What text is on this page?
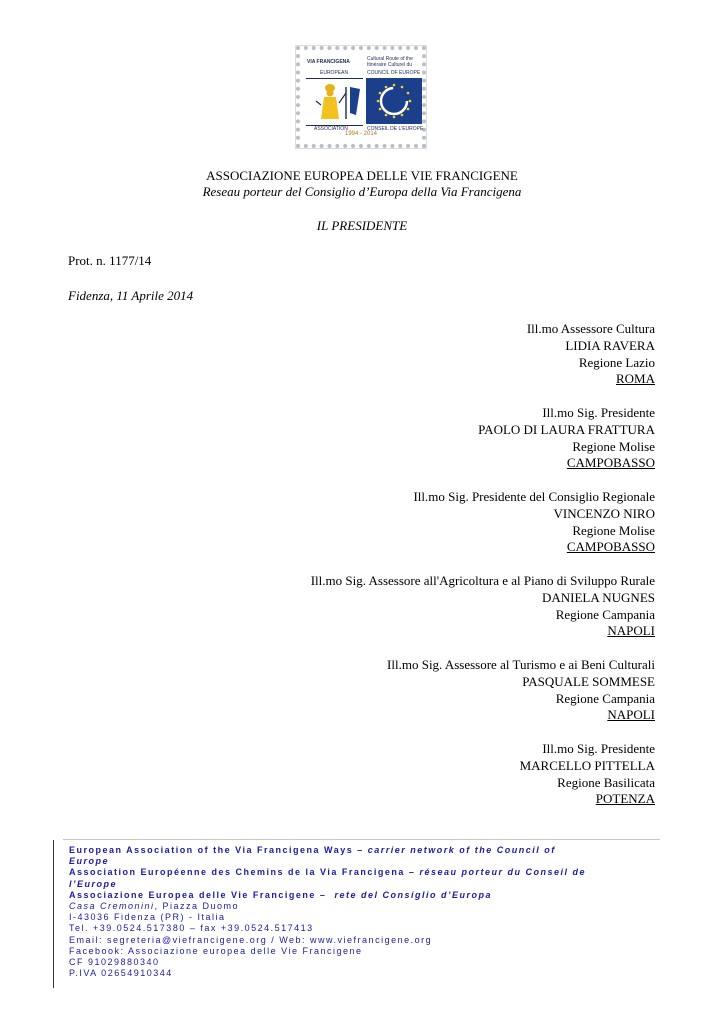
VIA FRANCIGENA	Cultural Route of the
Itinéraire Culturel du
EUROPEAN	COUNCIL OF EUROPE
ASSOCIATION	CONSEIL DE L'EUROPE
1994 - 2014
ASSOCIAZIONE EUROPEA DELLE VIE FRANCIGENE
Reseau porteur del Consiglio d’Europa della Via Francigena
IL PRESIDENTE
Prot. n. 1177/14
Fidenza, 11 Aprile 2014
Ill.mo Assessore Cultura
LIDIA RAVERA
Regione Lazio
ROMA
Ill.mo Sig. Presidente
PAOLO DI LAURA FRATTURA
Regione Molise
CAMPOBASSO
Ill.mo Sig. Presidente del Consiglio Regionale
VINCENZO NIRO
Regione Molise
CAMPOBASSO
Ill.mo Sig. Assessore all'Agricoltura e al Piano di Sviluppo Rurale
DANIELA NUGNES
Regione Campania
NAPOLI
Ill.mo Sig. Assessore al Turismo e ai Beni Culturali
PASQUALE SOMMESE
Regione Campania
NAPOLI
Ill.mo Sig. Presidente
MARCELLO PITTELLA
Regione Basilicata
POTENZA
European Association of the Via Francigena Ways – carrier network of the Council of
Europe
Association Européenne des Chemins de la Via Francigena – réseau porteur du Conseil de
l’Europe
Associazione Europea delle Vie Francigene – rete del Consiglio d’Europa
Casa Cremonini, Piazza Duomo
I-43036 Fidenza (PR) - Italia
Tel. +39.0524.517380 – fax +39.0524.517413
Email: segreteria@viefrancigene.org / Web: www.viefrancigene.org
Facebook: Associazione europea delle Vie Francigene
CF 91029880340
P.IVA 02654910344
